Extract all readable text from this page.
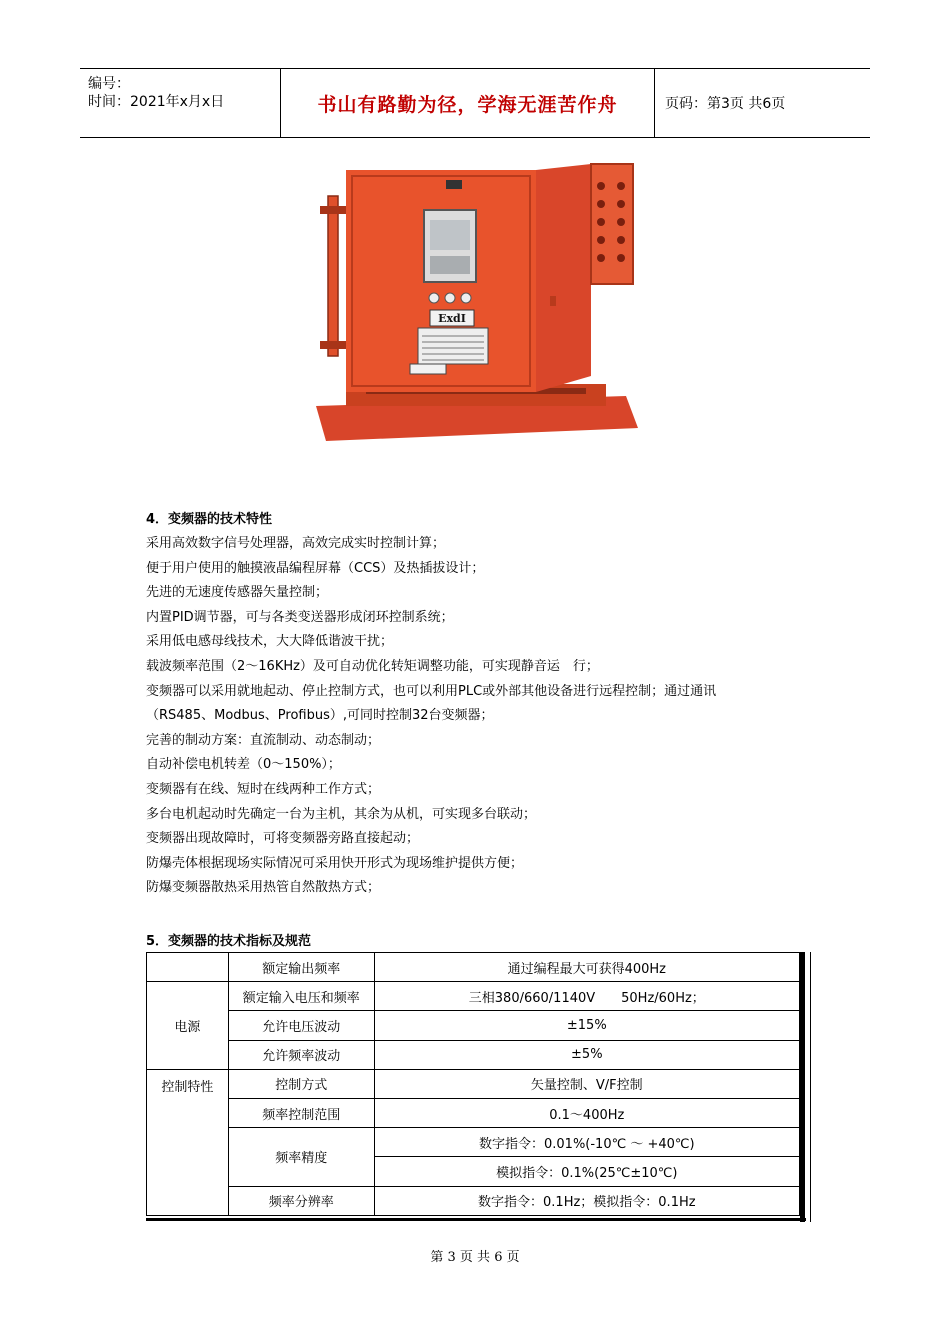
编号：
时间：2021年x月x日	书山有路勤为径，学海无涯苦作舟	页码：第3页 共6页
ExdI
4．变频器的技术特性
采用高效数字信号处理器，高效完成实时控制计算；
便于用户使用的触摸液晶编程屏幕（CCS）及热插拔设计；
先进的无速度传感器矢量控制；
内置PID调节器，可与各类变送器形成闭环控制系统；
采用低电感母线技术，大大降低谐波干扰；
载波频率范围（2～16KHz）及可自动优化转矩调整功能，可实现静音运　行；
变频器可以采用就地起动、停止控制方式，也可以利用PLC或外部其他设备进行远程控制；通过通讯
（RS485、Modbus、Profibus）,可同时控制32台变频器；
完善的制动方案：直流制动、动态制动；
自动补偿电机转差（0～150%）；
变频器有在线、短时在线两种工作方式；
多台电机起动时先确定一台为主机，其余为从机，可实现多台联动；
变频器出现故障时，可将变频器旁路直接起动；
防爆壳体根据现场实际情况可采用快开形式为现场维护提供方便；
防爆变频器散热采用热管自然散热方式；
5．变频器的技术指标及规范
	额定输出频率	通过编程最大可获得400Hz
电源	额定输入电压和频率	三相380/660/1140V　　50Hz/60Hz；
	允许电压波动	±15%
	允许频率波动	±5%
控制特性	控制方式	矢量控制、V/F控制
	频率控制范围	0.1～400Hz
	频率精度	数字指令：0.01%(-10℃ ～ +40℃)
		模拟指令：0.1%(25℃±10℃)
	频率分辨率	数字指令：0.1Hz；模拟指令：0.1Hz
第 3 页 共 6 页
